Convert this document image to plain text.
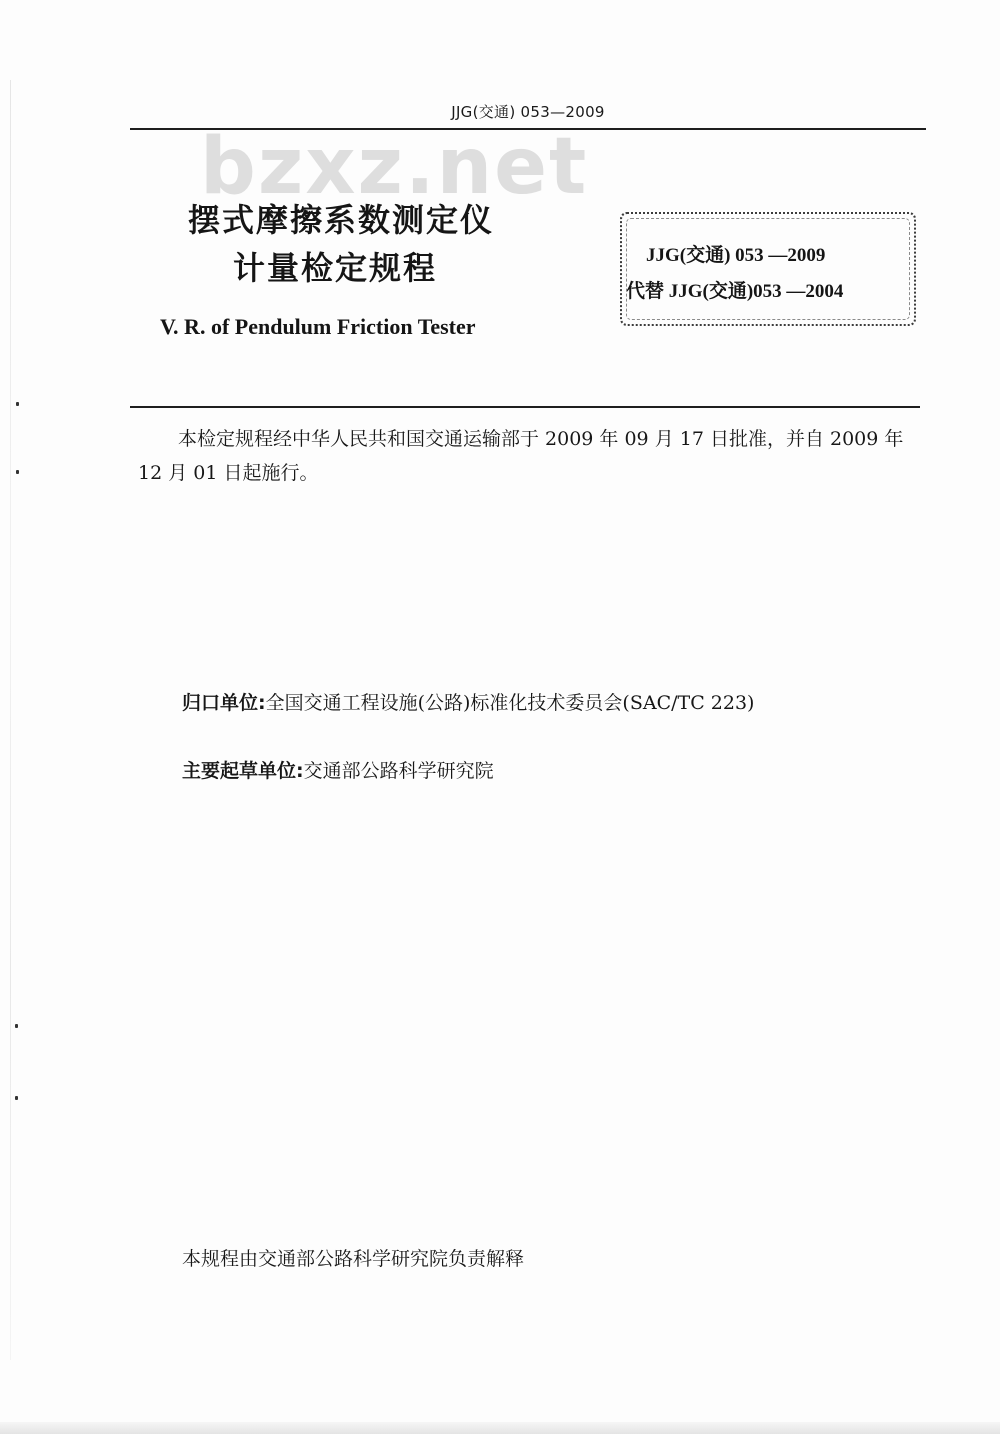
JJG(交通) 053—2009
bzxz.net
摆式摩擦系数测定仪
计量检定规程
V. R. of Pendulum Friction Tester
JJG(交通) 053 —2009
代替 JJG(交通)053 —2004

本检定规程经中华人民共和国交通运输部于 2009 年 09 月 17 日批准，并自 2009 年 12 月 01 日起施行。

归口单位:全国交通工程设施(公路)标准化技术委员会(SAC/TC 223)
主要起草单位:交通部公路科学研究院
本规程由交通部公路科学研究院负责解释
